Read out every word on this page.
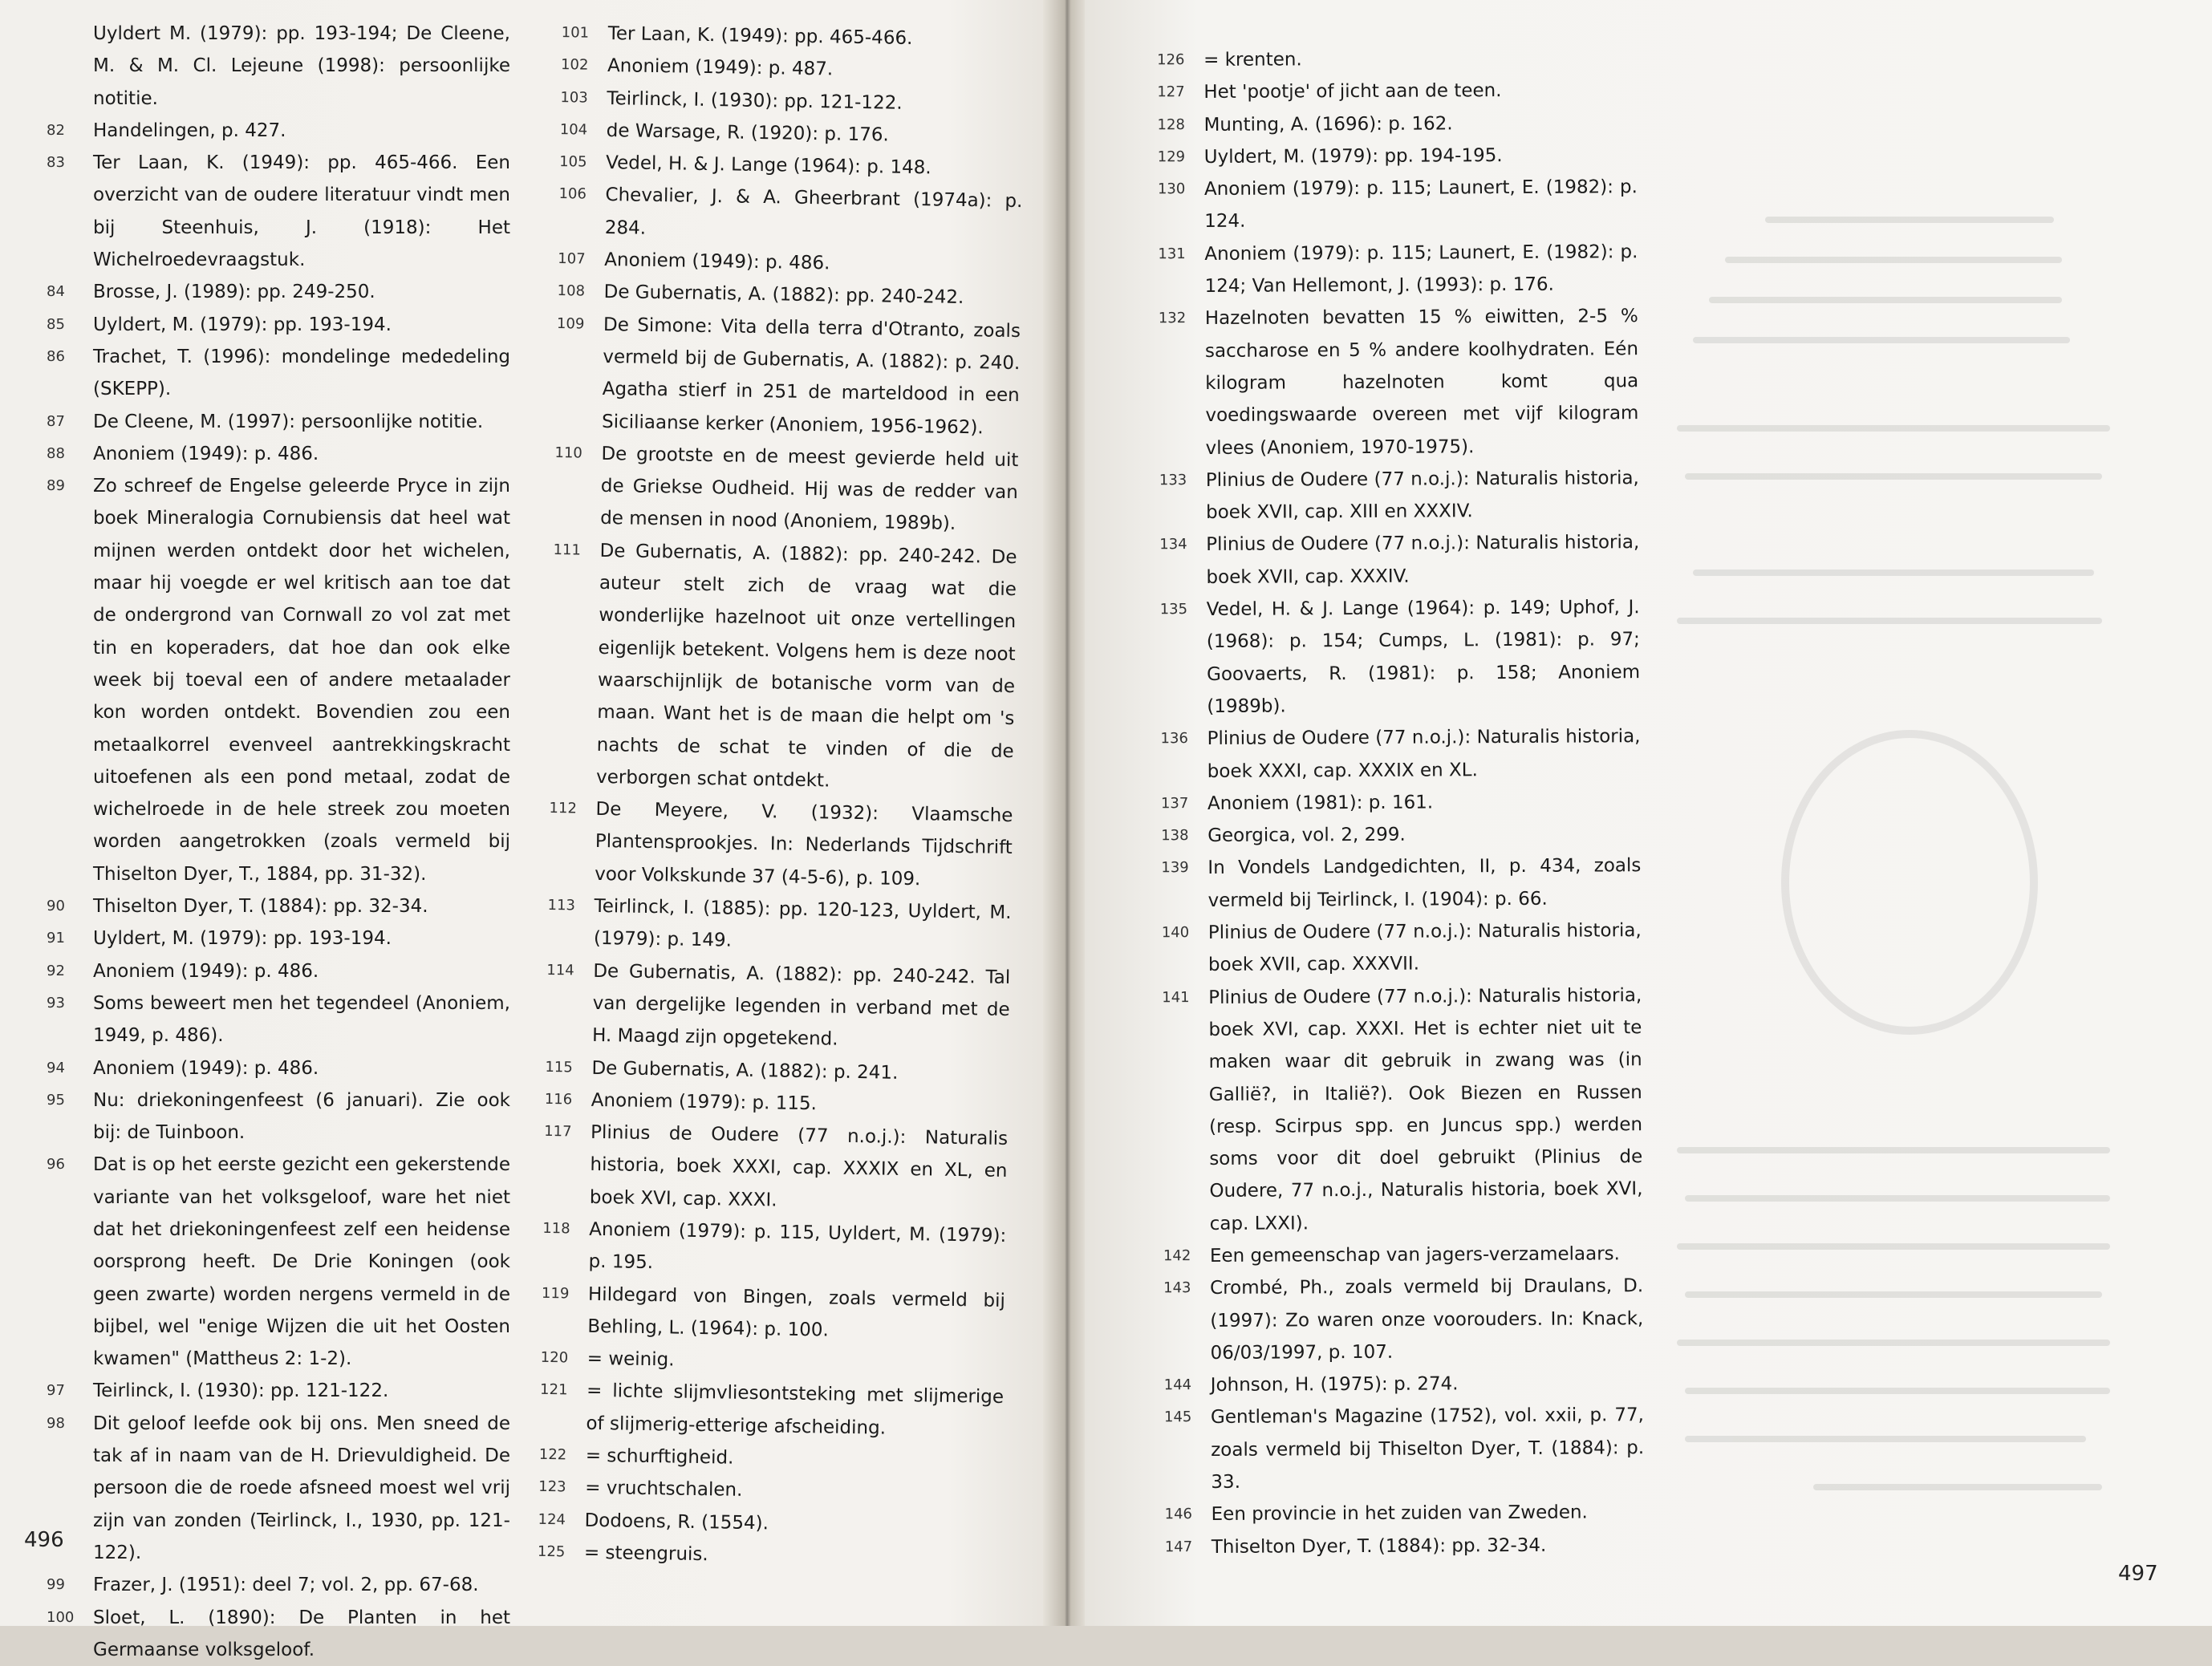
Uyldert M. (1979): pp. 193-194; De Cleene, M. & M. Cl. Lejeune (1998): persoonlijke notitie.
82	Handelingen, p. 427.
83	Ter Laan, K. (1949): pp. 465-466. Een overzicht van de oudere literatuur vindt men bij Steenhuis, J. (1918): Het Wichelroedevraagstuk.
84	Brosse, J. (1989): pp. 249-250.
85	Uyldert, M. (1979): pp. 193-194.
86	Trachet, T. (1996): mondelinge mededeling (SKEPP).
87	De Cleene, M. (1997): persoonlijke notitie.
88	Anoniem (1949): p. 486.
89	Zo schreef de Engelse geleerde Pryce in zijn boek Mineralogia Cornubiensis dat heel wat mijnen werden ontdekt door het wichelen, maar hij voegde er wel kritisch aan toe dat de ondergrond van Cornwall zo vol zat met tin en koperaders, dat hoe dan ook elke week bij toeval een of andere metaalader kon worden ontdekt. Bovendien zou een metaalkorrel evenveel aantrekkingskracht uitoefenen als een pond metaal, zodat de wichelroede in de hele streek zou moeten worden aangetrokken (zoals vermeld bij Thiselton Dyer, T., 1884, pp. 31-32).
90	Thiselton Dyer, T. (1884): pp. 32-34.
91	Uyldert, M. (1979): pp. 193-194.
92	Anoniem (1949): p. 486.
93	Soms beweert men het tegendeel (Anoniem, 1949, p. 486).
94	Anoniem (1949): p. 486.
95	Nu: driekoningenfeest (6 januari). Zie ook bij: de Tuinboon.
96	Dat is op het eerste gezicht een gekerstende variante van het volksgeloof, ware het niet dat het driekoningenfeest zelf een heidense oorsprong heeft. De Drie Koningen (ook geen zwarte) worden nergens vermeld in de bijbel, wel "enige Wijzen die uit het Oosten kwamen" (Mattheus 2: 1-2).
97	Teirlinck, I. (1930): pp. 121-122.
98	Dit geloof leefde ook bij ons. Men sneed de tak af in naam van de H. Drievuldigheid. De persoon die de roede afsneed moest wel vrij zijn van zonden (Teirlinck, I., 1930, pp. 121-122).
99	Frazer, J. (1951): deel 7; vol. 2, pp. 67-68.
100	Sloet, L. (1890): De Planten in het Germaanse volksgeloof.
101	Ter Laan, K. (1949): pp. 465-466.
102	Anoniem (1949): p. 487.
103	Teirlinck, I. (1930): pp. 121-122.
104	de Warsage, R. (1920): p. 176.
105	Vedel, H. & J. Lange (1964): p. 148.
106	Chevalier, J. & A. Gheerbrant (1974a): p. 284.
107	Anoniem (1949): p. 486.
108	De Gubernatis, A. (1882): pp. 240-242.
109	De Simone: Vita della terra d'Otranto, zoals vermeld bij de Gubernatis, A. (1882): p. 240. Agatha stierf in 251 de marteldood in een Siciliaanse kerker (Anoniem, 1956-1962).
110	De grootste en de meest gevierde held uit de Griekse Oudheid. Hij was de redder van de mensen in nood (Anoniem, 1989b).
111	De Gubernatis, A. (1882): pp. 240-242. De auteur stelt zich de vraag wat die wonderlijke hazelnoot uit onze vertellingen eigenlijk betekent. Volgens hem is deze noot waarschijnlijk de botanische vorm van de maan. Want het is de maan die helpt om 's nachts de schat te vinden of die de verborgen schat ontdekt.
112	De Meyere, V. (1932): Vlaamsche Plantensprookjes. In: Nederlands Tijdschrift voor Volkskunde 37 (4-5-6), p. 109.
113	Teirlinck, I. (1885): pp. 120-123, Uyldert, M. (1979): p. 149.
114	De Gubernatis, A. (1882): pp. 240-242. Tal van dergelijke legenden in verband met de H. Maagd zijn opgetekend.
115	De Gubernatis, A. (1882): p. 241.
116	Anoniem (1979): p. 115.
117	Plinius de Oudere (77 n.o.j.): Naturalis historia, boek XXXI, cap. XXXIX en XL, en boek XVI, cap. XXXI.
118	Anoniem (1979): p. 115, Uyldert, M. (1979): p. 195.
119	Hildegard von Bingen, zoals vermeld bij Behling, L. (1964): p. 100.
120	= weinig.
121	= lichte slijmvliesontsteking met slijmerige of slijmerig-etterige afscheiding.
122	= schurftigheid.
123	= vruchtschalen.
124	Dodoens, R. (1554).
125	= steengruis.
496
497
126	= krenten.
127	Het 'pootje' of jicht aan de teen.
128	Munting, A. (1696): p. 162.
129	Uyldert, M. (1979): pp. 194-195.
130	Anoniem (1979): p. 115; Launert, E. (1982): p. 124.
131	Anoniem (1979): p. 115; Launert, E. (1982): p. 124; Van Hellemont, J. (1993): p. 176.
132	Hazelnoten bevatten 15 % eiwitten, 2-5 % saccharose en 5 % andere koolhydraten. Eén kilogram hazelnoten komt qua voedingswaarde overeen met vijf kilogram vlees (Anoniem, 1970-1975).
133	Plinius de Oudere (77 n.o.j.): Naturalis historia, boek XVII, cap. XIII en XXXIV.
134	Plinius de Oudere (77 n.o.j.): Naturalis historia, boek XVII, cap. XXXIV.
135	Vedel, H. & J. Lange (1964): p. 149; Uphof, J. (1968): p. 154; Cumps, L. (1981): p. 97; Goovaerts, R. (1981): p. 158; Anoniem (1989b).
136	Plinius de Oudere (77 n.o.j.): Naturalis historia, boek XXXI, cap. XXXIX en XL.
137	Anoniem (1981): p. 161.
138	Georgica, vol. 2, 299.
139	In Vondels Landgedichten, II, p. 434, zoals vermeld bij Teirlinck, I. (1904): p. 66.
140	Plinius de Oudere (77 n.o.j.): Naturalis historia, boek XVII, cap. XXXVII.
141	Plinius de Oudere (77 n.o.j.): Naturalis historia, boek XVI, cap. XXXI. Het is echter niet uit te maken waar dit gebruik in zwang was (in Gallië?, in Italië?). Ook Biezen en Russen (resp. Scirpus spp. en Juncus spp.) werden soms voor dit doel gebruikt (Plinius de Oudere, 77 n.o.j., Naturalis historia, boek XVI, cap. LXXI).
142	Een gemeenschap van jagers-verzamelaars.
143	Crombé, Ph., zoals vermeld bij Draulans, D. (1997): Zo waren onze voorouders. In: Knack, 06/03/1997, p. 107.
144	Johnson, H. (1975): p. 274.
145	Gentleman's Magazine (1752), vol. xxii, p. 77, zoals vermeld bij Thiselton Dyer, T. (1884): p. 33.
146	Een provincie in het zuiden van Zweden.
147	Thiselton Dyer, T. (1884): pp. 32-34.
